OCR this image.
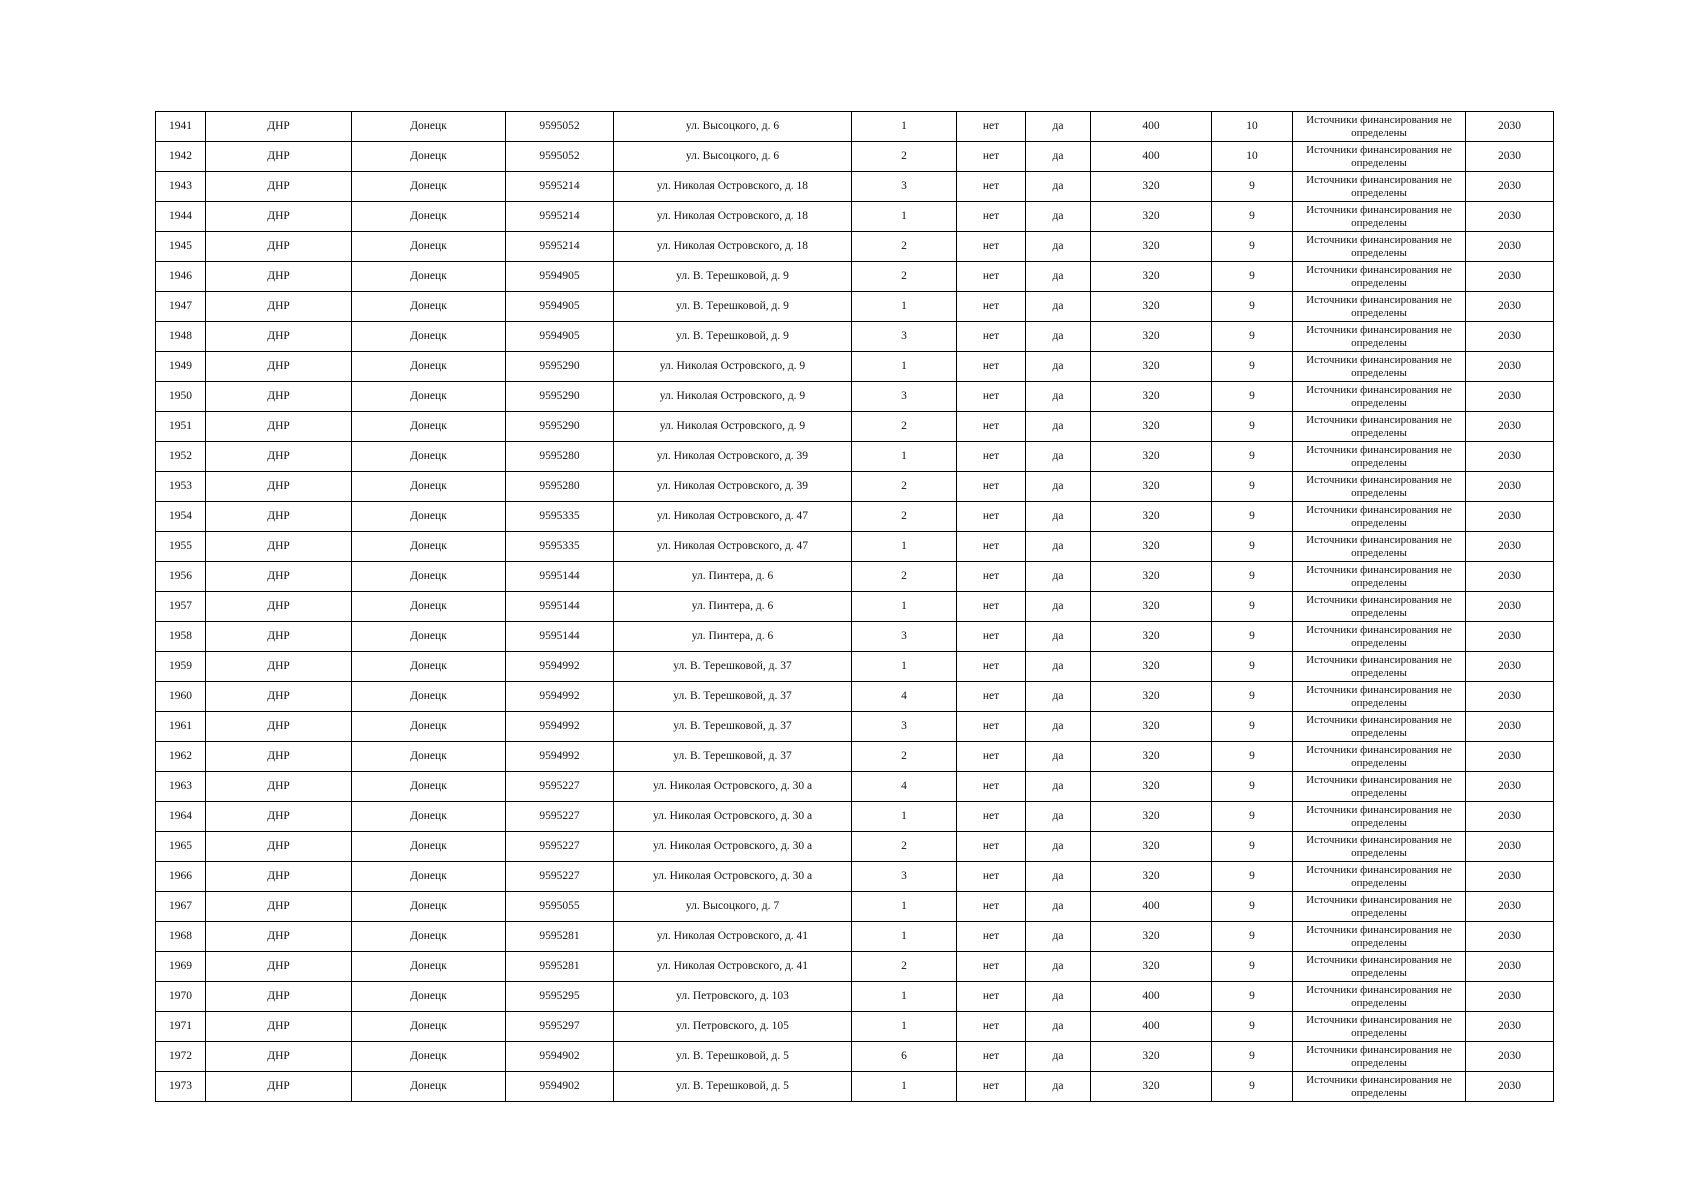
1941	ДНР	Донецк	9595052	ул. Высоцкого, д. 6	1	нет	да	400	10	Источники финансирования не определены	2030
1942	ДНР	Донецк	9595052	ул. Высоцкого, д. 6	2	нет	да	400	10	Источники финансирования не определены	2030
1943	ДНР	Донецк	9595214	ул. Николая Островского, д. 18	3	нет	да	320	9	Источники финансирования не определены	2030
1944	ДНР	Донецк	9595214	ул. Николая Островского, д. 18	1	нет	да	320	9	Источники финансирования не определены	2030
1945	ДНР	Донецк	9595214	ул. Николая Островского, д. 18	2	нет	да	320	9	Источники финансирования не определены	2030
1946	ДНР	Донецк	9594905	ул. В. Терешковой, д. 9	2	нет	да	320	9	Источники финансирования не определены	2030
1947	ДНР	Донецк	9594905	ул. В. Терешковой, д. 9	1	нет	да	320	9	Источники финансирования не определены	2030
1948	ДНР	Донецк	9594905	ул. В. Терешковой, д. 9	3	нет	да	320	9	Источники финансирования не определены	2030
1949	ДНР	Донецк	9595290	ул. Николая Островского, д. 9	1	нет	да	320	9	Источники финансирования не определены	2030
1950	ДНР	Донецк	9595290	ул. Николая Островского, д. 9	3	нет	да	320	9	Источники финансирования не определены	2030
1951	ДНР	Донецк	9595290	ул. Николая Островского, д. 9	2	нет	да	320	9	Источники финансирования не определены	2030
1952	ДНР	Донецк	9595280	ул. Николая Островского, д. 39	1	нет	да	320	9	Источники финансирования не определены	2030
1953	ДНР	Донецк	9595280	ул. Николая Островского, д. 39	2	нет	да	320	9	Источники финансирования не определены	2030
1954	ДНР	Донецк	9595335	ул. Николая Островского, д. 47	2	нет	да	320	9	Источники финансирования не определены	2030
1955	ДНР	Донецк	9595335	ул. Николая Островского, д. 47	1	нет	да	320	9	Источники финансирования не определены	2030
1956	ДНР	Донецк	9595144	ул. Пинтера, д. 6	2	нет	да	320	9	Источники финансирования не определены	2030
1957	ДНР	Донецк	9595144	ул. Пинтера, д. 6	1	нет	да	320	9	Источники финансирования не определены	2030
1958	ДНР	Донецк	9595144	ул. Пинтера, д. 6	3	нет	да	320	9	Источники финансирования не определены	2030
1959	ДНР	Донецк	9594992	ул. В. Терешковой, д. 37	1	нет	да	320	9	Источники финансирования не определены	2030
1960	ДНР	Донецк	9594992	ул. В. Терешковой, д. 37	4	нет	да	320	9	Источники финансирования не определены	2030
1961	ДНР	Донецк	9594992	ул. В. Терешковой, д. 37	3	нет	да	320	9	Источники финансирования не определены	2030
1962	ДНР	Донецк	9594992	ул. В. Терешковой, д. 37	2	нет	да	320	9	Источники финансирования не определены	2030
1963	ДНР	Донецк	9595227	ул. Николая Островского, д. 30 а	4	нет	да	320	9	Источники финансирования не определены	2030
1964	ДНР	Донецк	9595227	ул. Николая Островского, д. 30 а	1	нет	да	320	9	Источники финансирования не определены	2030
1965	ДНР	Донецк	9595227	ул. Николая Островского, д. 30 а	2	нет	да	320	9	Источники финансирования не определены	2030
1966	ДНР	Донецк	9595227	ул. Николая Островского, д. 30 а	3	нет	да	320	9	Источники финансирования не определены	2030
1967	ДНР	Донецк	9595055	ул. Высоцкого, д. 7	1	нет	да	400	9	Источники финансирования не определены	2030
1968	ДНР	Донецк	9595281	ул. Николая Островского, д. 41	1	нет	да	320	9	Источники финансирования не определены	2030
1969	ДНР	Донецк	9595281	ул. Николая Островского, д. 41	2	нет	да	320	9	Источники финансирования не определены	2030
1970	ДНР	Донецк	9595295	ул. Петровского, д. 103	1	нет	да	400	9	Источники финансирования не определены	2030
1971	ДНР	Донецк	9595297	ул. Петровского, д. 105	1	нет	да	400	9	Источники финансирования не определены	2030
1972	ДНР	Донецк	9594902	ул. В. Терешковой, д. 5	6	нет	да	320	9	Источники финансирования не определены	2030
1973	ДНР	Донецк	9594902	ул. В. Терешковой, д. 5	1	нет	да	320	9	Источники финансирования не определены	2030
